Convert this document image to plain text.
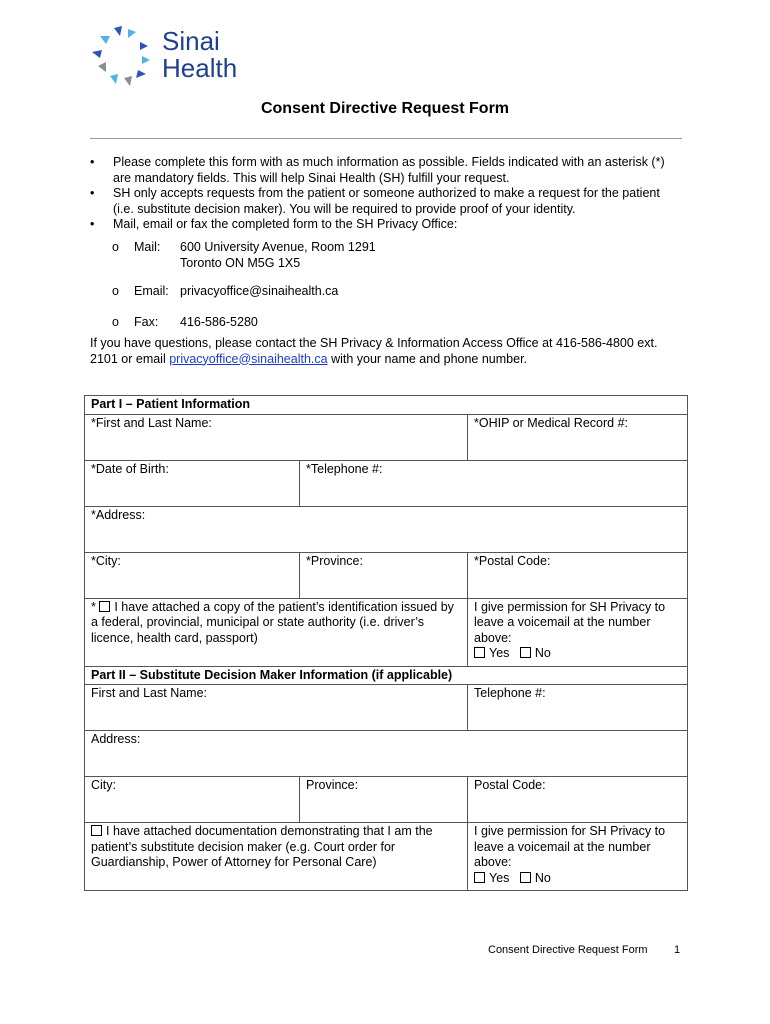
Sinai
Health
Consent Directive Request Form
• Please complete this form with as much information as possible. Fields indicated with an asterisk (*) are mandatory fields. This will help Sinai Health (SH) fulfill your request.
• SH only accepts requests from the patient or someone authorized to make a request for the patient (i.e. substitute decision maker). You will be required to provide proof of your identity.
• Mail, email or fax the completed form to the SH Privacy Office:
o Mail: 600 University Avenue, Room 1291
Toronto ON M5G 1X5
o Email: privacyoffice@sinaihealth.ca
o Fax: 416-586-5280
If you have questions, please contact the SH Privacy & Information Access Office at 416-586-4800 ext. 2101 or email privacyoffice@sinaihealth.ca with your name and phone number.
Part I – Patient Information		
*First and Last Name:		*OHIP or Medical Record #:
*Date of Birth:	*Telephone #:	
*Address:		
*City:	*Province:	*Postal Code:
* I have attached a copy of the patient’s identification issued by a federal, provincial, municipal or state authority (i.e. driver’s licence, health card, passport)		I give permission for SH Privacy to leave a voicemail at the number above:
Yes No

Part II – Substitute Decision Maker Information (if applicable)		
First and Last Name:		Telephone #:
Address:		
City:	Province:	Postal Code:
I have attached documentation demonstrating that I am the patient’s substitute decision maker (e.g. Court order for Guardianship, Power of Attorney for Personal Care)		I give permission for SH Privacy to leave a voicemail at the number above:
Yes No
Consent Directive Request Form 1
